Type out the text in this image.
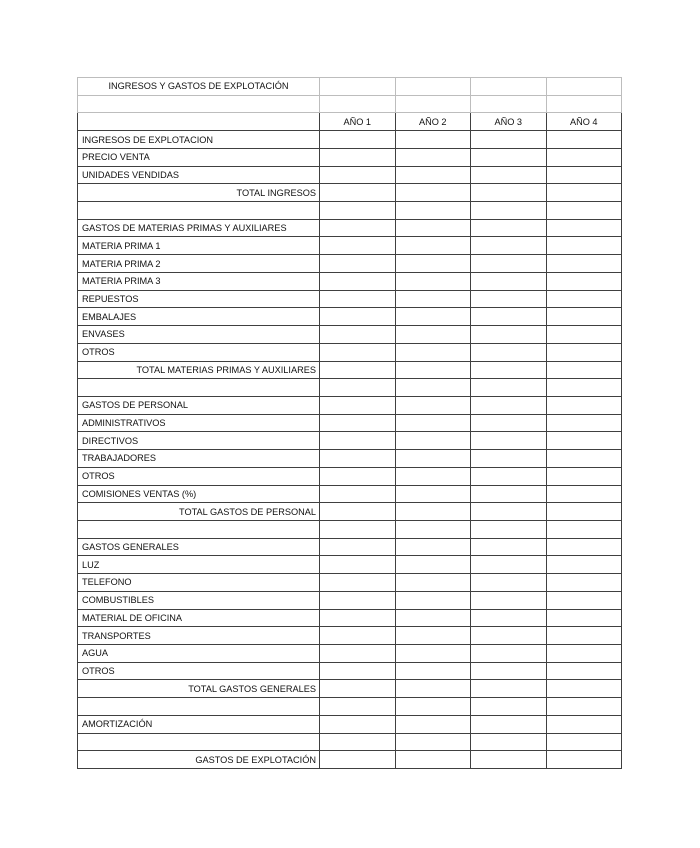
INGRESOS Y GASTOS DE EXPLOTACIÓN				

	AÑO 1	AÑO 2	AÑO 3	AÑO 4
INGRESOS DE EXPLOTACION				
PRECIO VENTA				
UNIDADES VENDIDAS				
TOTAL INGRESOS				

GASTOS DE MATERIAS PRIMAS Y AUXILIARES				
MATERIA PRIMA 1				
MATERIA PRIMA 2				
MATERIA PRIMA 3				
REPUESTOS				
EMBALAJES				
ENVASES				
OTROS				
TOTAL MATERIAS PRIMAS Y AUXILIARES				

GASTOS DE PERSONAL				
ADMINISTRATIVOS				
DIRECTIVOS				
TRABAJADORES				
OTROS				
COMISIONES VENTAS (%)				
TOTAL GASTOS DE PERSONAL				

GASTOS GENERALES				
LUZ				
TELEFONO				
COMBUSTIBLES				
MATERIAL DE OFICINA				
TRANSPORTES				
AGUA				
OTROS				
TOTAL GASTOS GENERALES				

AMORTIZACIÓN				

GASTOS DE EXPLOTACIÓN				
